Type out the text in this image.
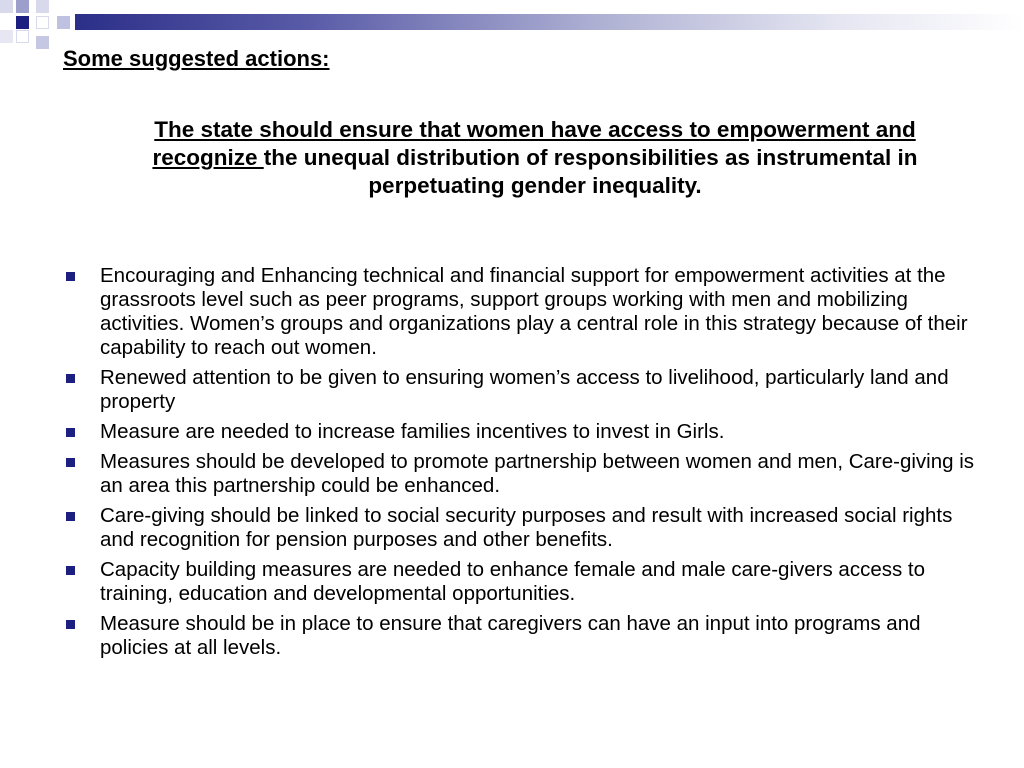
Some suggested actions:

The state should ensure that women have access to empowerment and recognize the unequal distribution of responsibilities as instrumental in perpetuating gender inequality.

Encouraging and Enhancing technical and financial support for empowerment activities at the grassroots level such as peer programs, support groups working with men and mobilizing activities. Women’s groups and organizations play a central role in this strategy because of their capability to reach out women.
Renewed attention to be given to ensuring women’s access to livelihood, particularly land and property
Measure are needed to increase families incentives to invest in Girls.
Measures should be developed to promote partnership between women and men, Care-giving is an area this partnership could be enhanced.
Care-giving should be linked to social security purposes and result with increased social rights and recognition for pension purposes and other benefits.
Capacity building measures are needed to enhance female and male care-givers access to training, education and developmental opportunities.
Measure should be in place to ensure that caregivers can have an input into programs and policies at all levels.
